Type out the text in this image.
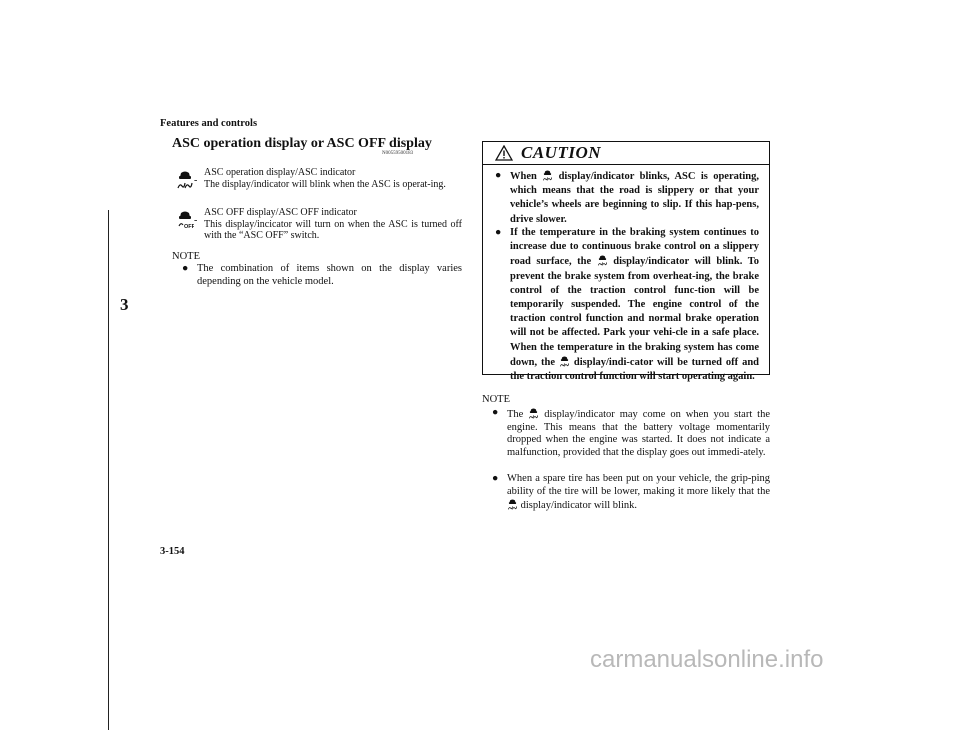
Features and controls
3
ASC operation display or ASC OFF display
N00559500183
-
ASC operation display/ASC indicator
The display/indicator will blink when the ASC is operat-ing.
-
ASC OFF display/ASC OFF indicator
This display/incicator will turn on when the ASC is turned off with the “ASC OFF” switch.
NOTE
● The combination of items shown on the display varies depending on the vehicle model.
CAUTION
● When display/indicator blinks, ASC is operating, which means that the road is slippery or that your vehicle’s wheels are beginning to slip. If this hap-pens, drive slower.
● If the temperature in the braking system continues to increase due to continuous brake control on a slippery road surface, the display/indicator will blink. To prevent the brake system from overheat-ing, the brake control of the traction control func-tion will be temporarily suspended. The engine control of the traction control function and normal brake operation will not be affected. Park your vehi-cle in a safe place. When the temperature in the braking system has come down, the display/indi-cator will be turned off and the traction control function will start operating again.
NOTE
● The display/indicator may come on when you start the engine. This means that the battery voltage momentarily dropped when the engine was started. It does not indicate a malfunction, provided that the display goes out immedi-ately.
● When a spare tire has been put on your vehicle, the grip-ping ability of the tire will be lower, making it more likely that the  display/indicator will blink.
3-154
carmanualsonline.info
